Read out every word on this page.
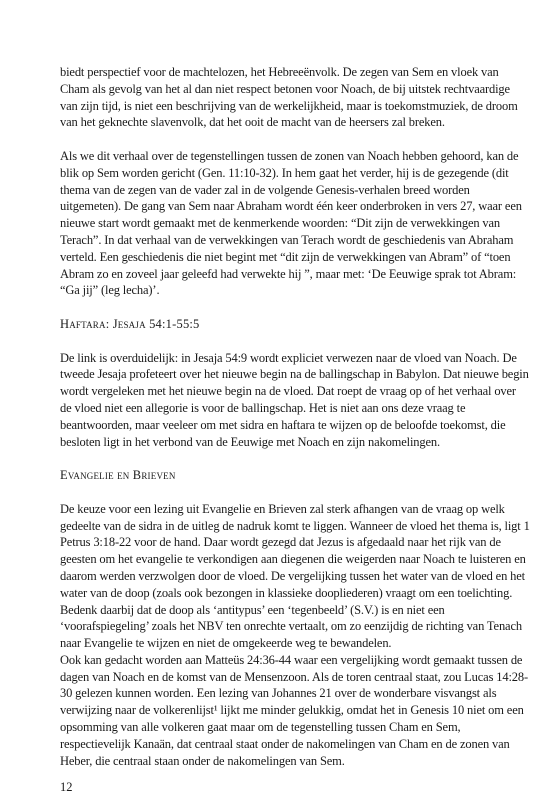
biedt perspectief voor de machtelozen, het Hebreeënvolk. De zegen van Sem en vloek van Cham als gevolg van het al dan niet respect betonen voor Noach, de bij uitstek rechtvaardige van zijn tijd, is niet een beschrijving van de werkelijkheid, maar is toekomstmuziek, de droom van het geknechte slavenvolk, dat het ooit de macht van de heersers zal breken.

Als we dit verhaal over de tegenstellingen tussen de zonen van Noach hebben gehoord, kan de blik op Sem worden gericht (Gen. 11:10-32). In hem gaat het verder, hij is de gezegende (dit thema van de zegen van de vader zal in de volgende Genesis-verhalen breed worden uitgemeten). De gang van Sem naar Abraham wordt één keer onderbroken in vers 27, waar een nieuwe start wordt gemaakt met de kenmerkende woorden: “Dit zijn de verwekkingen van Terach”. In dat verhaal van de verwekkingen van Terach wordt de geschiedenis van Abraham verteld. Een geschiedenis die niet begint met “dit zijn de verwekkingen van Abram” of “toen Abram zo en zoveel jaar geleefd had verwekte hij ”, maar met: ‘De Eeuwige sprak tot Abram: “Ga jij” (leg lecha)’.

Haftara: Jesaja 54:1-55:5

De link is overduidelijk: in Jesaja 54:9 wordt expliciet verwezen naar de vloed van Noach. De tweede Jesaja profeteert over het nieuwe begin na de ballingschap in Babylon. Dat nieuwe begin wordt vergeleken met het nieuwe begin na de vloed. Dat roept de vraag op of het verhaal over de vloed niet een allegorie is voor de ballingschap. Het is niet aan ons deze vraag te beantwoorden, maar veeleer om met sidra en haftara te wijzen op de beloofde toekomst, die besloten ligt in het verbond van de Eeuwige met Noach en zijn nakomelingen.

Evangelie en Brieven

De keuze voor een lezing uit Evangelie en Brieven zal sterk afhangen van de vraag op welk gedeelte van de sidra in de uitleg de nadruk komt te liggen. Wanneer de vloed het thema is, ligt 1 Petrus 3:18-22 voor de hand. Daar wordt gezegd dat Jezus is afgedaald naar het rijk van de geesten om het evangelie te verkondigen aan diegenen die weigerden naar Noach te luisteren en daarom werden verzwolgen door de vloed. De vergelijking tussen het water van de vloed en het water van de doop (zoals ook bezongen in klassieke doopliederen) vraagt om een toelichting. Bedenk daarbij dat de doop als ‘antitypus’ een ‘tegenbeeld’ (S.V.) is en niet een ‘voorafspiegeling’ zoals het NBV ten onrechte vertaalt, om zo eenzijdig de richting van Tenach naar Evangelie te wijzen en niet de omgekeerde weg te bewandelen.

Ook kan gedacht worden aan Matteüs 24:36-44 waar een vergelijking wordt gemaakt tussen de dagen van Noach en de komst van de Mensenzoon. Als de toren centraal staat, zou Lucas 14:28-30 gelezen kunnen worden. Een lezing van Johannes 21 over de wonderbare visvangst als verwijzing naar de volkerenlijst¹ lijkt me minder gelukkig, omdat het in Genesis 10 niet om een opsomming van alle volkeren gaat maar om de tegenstelling tussen Cham en Sem, respectievelijk Kanaän, dat centraal staat onder de nakomelingen van Cham en de zonen van Heber, die centraal staan onder de nakomelingen van Sem.

12
